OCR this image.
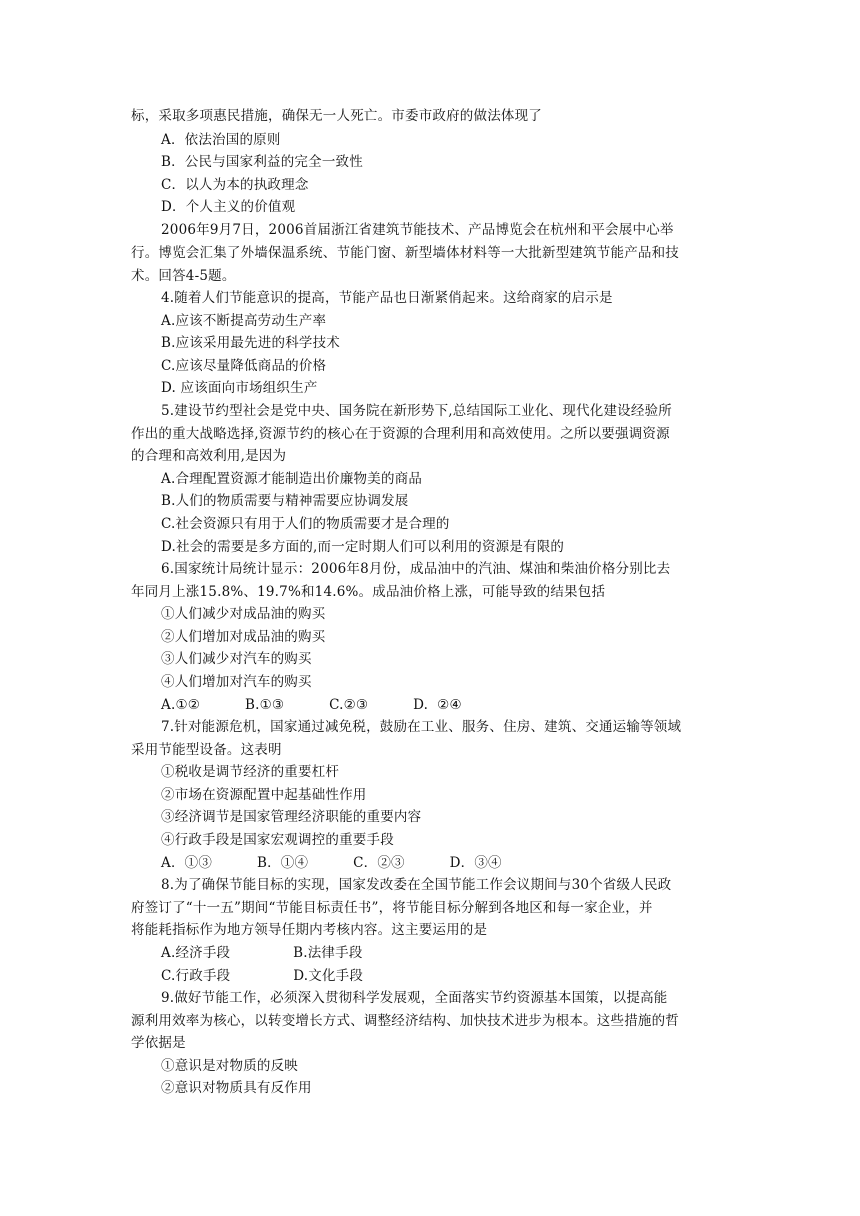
标，采取多项惠民措施，确保无一人死亡。市委市政府的做法体现了
A．依法治国的原则
B．公民与国家利益的完全一致性
C．以人为本的执政理念
D．个人主义的价值观
2006年9月7日，2006首届浙江省建筑节能技术、产品博览会在杭州和平会展中心举
行。博览会汇集了外墙保温系统、节能门窗、新型墙体材料等一大批新型建筑节能产品和技
术。回答4-5题。
4.随着人们节能意识的提高，节能产品也日渐紧俏起来。这给商家的启示是
A.应该不断提高劳动生产率
B.应该采用最先进的科学技术
C.应该尽量降低商品的价格
D. 应该面向市场组织生产
5.建设节约型社会是党中央、国务院在新形势下,总结国际工业化、现代化建设经验所
作出的重大战略选择,资源节约的核心在于资源的合理利用和高效使用。之所以要强调资源
的合理和高效利用,是因为
A.合理配置资源才能制造出价廉物美的商品
B.人们的物质需要与精神需要应协调发展
C.社会资源只有用于人们的物质需要才是合理的
D.社会的需要是多方面的,而一定时期人们可以利用的资源是有限的
6.国家统计局统计显示：2006年8月份，成品油中的汽油、煤油和柴油价格分别比去
年同月上涨15.8%、19.7%和14.6%。成品油价格上涨，可能导致的结果包括
①人们减少对成品油的购买
②人们增加对成品油的购买
③人们减少对汽车的购买
④人们增加对汽车的购买
A.①②          B.①③          C.②③          D.  ②④
7.针对能源危机，国家通过减免税，鼓励在工业、服务、住房、建筑、交通运输等领域
采用节能型设备。这表明
①税收是调节经济的重要杠杆
②市场在资源配置中起基础性作用
③经济调节是国家管理经济职能的重要内容
④行政手段是国家宏观调控的重要手段
A．①③          B．①④          C．②③          D．③④
8.为了确保节能目标的实现，国家发改委在全国节能工作会议期间与30个省级人民政
府签订了“十一五”期间“节能目标责任书”，将节能目标分解到各地区和每一家企业，并
将能耗指标作为地方领导任期内考核内容。这主要运用的是
A.经济手段              B.法律手段
C.行政手段              D.文化手段
9.做好节能工作，必须深入贯彻科学发展观，全面落实节约资源基本国策，以提高能
源利用效率为核心，以转变增长方式、调整经济结构、加快技术进步为根本。这些措施的哲
学依据是
①意识是对物质的反映
②意识对物质具有反作用
